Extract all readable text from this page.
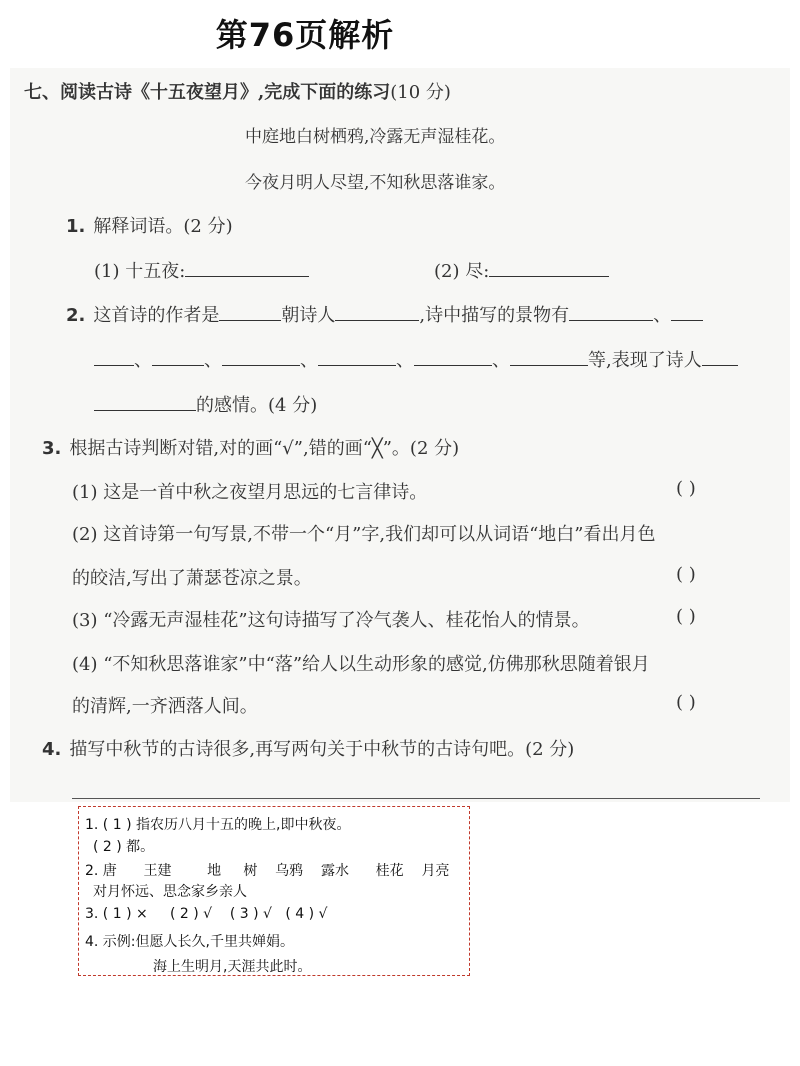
第76页解析
七、阅读古诗《十五夜望月》,完成下面的练习(10 分)
中庭地白树栖鸦,冷露无声湿桂花。
今夜月明人尽望,不知秋思落谁家。
1. 解释词语。(2 分)
(1) 十五夜:	(2) 尽:
2. 这首诗的作者是	朝诗人	,诗中描写的景物有	、
、	、	、	、	、	等,表现了诗人
的感情。(4 分)
3. 根据古诗判断对错,对的画“√”,错的画“╳”。(2 分)
(1) 这是一首中秋之夜望月思远的七言律诗。	( )
(2) 这首诗第一句写景,不带一个“月”字,我们却可以从词语“地白”看出月色
的皎洁,写出了萧瑟苍凉之景。	( )
(3) “冷露无声湿桂花”这句诗描写了冷气袭人、桂花怡人的情景。	( )
(4) “不知秋思落谁家”中“落”给人以生动形象的感觉,仿佛那秋思随着银月
的清辉,一齐洒落人间。	( )
4. 描写中秋节的古诗很多,再写两句关于中秋节的古诗句吧。(2 分)
1. ( 1 ) 指农历八月十五的晚上,即中秋夜。
( 2 ) 都。
2. 唐      王建        地     树    乌鸦    露水      桂花    月亮
对月怀远、思念家乡亲人
3. ( 1 ) ×     ( 2 ) √    ( 3 ) √   ( 4 ) √
4. 示例:但愿人长久,千里共婵娟。
海上生明月,天涯共此时。
